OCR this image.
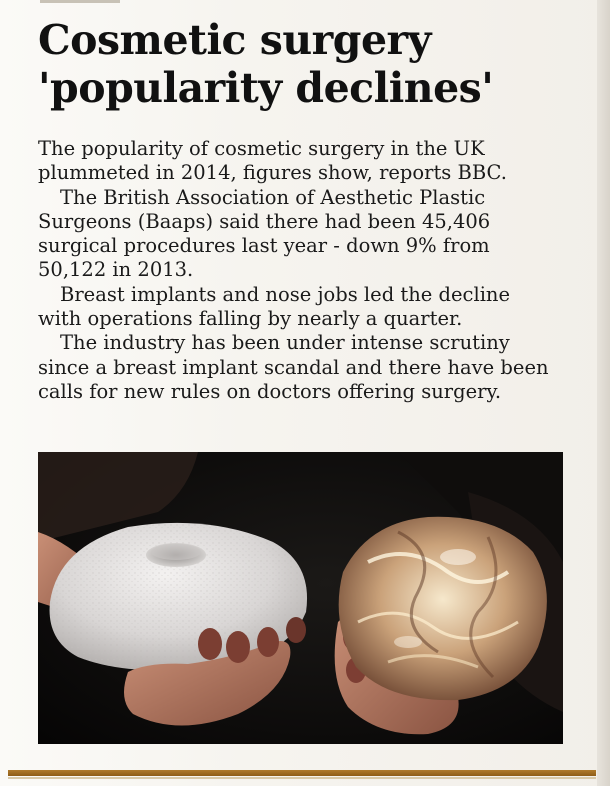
Cosmetic surgery
'popularity declines'

The popularity of cosmetic surgery in the UK
plummeted in 2014, figures show, reports BBC.

The British Association of Aesthetic Plastic
Surgeons (Baaps) said there had been 45,406
surgical procedures last year - down 9% from
50,122 in 2013.

Breast implants and nose jobs led the decline
with operations falling by nearly a quarter.

The industry has been under intense scrutiny
since a breast implant scandal and there have been
calls for new rules on doctors offering surgery.
